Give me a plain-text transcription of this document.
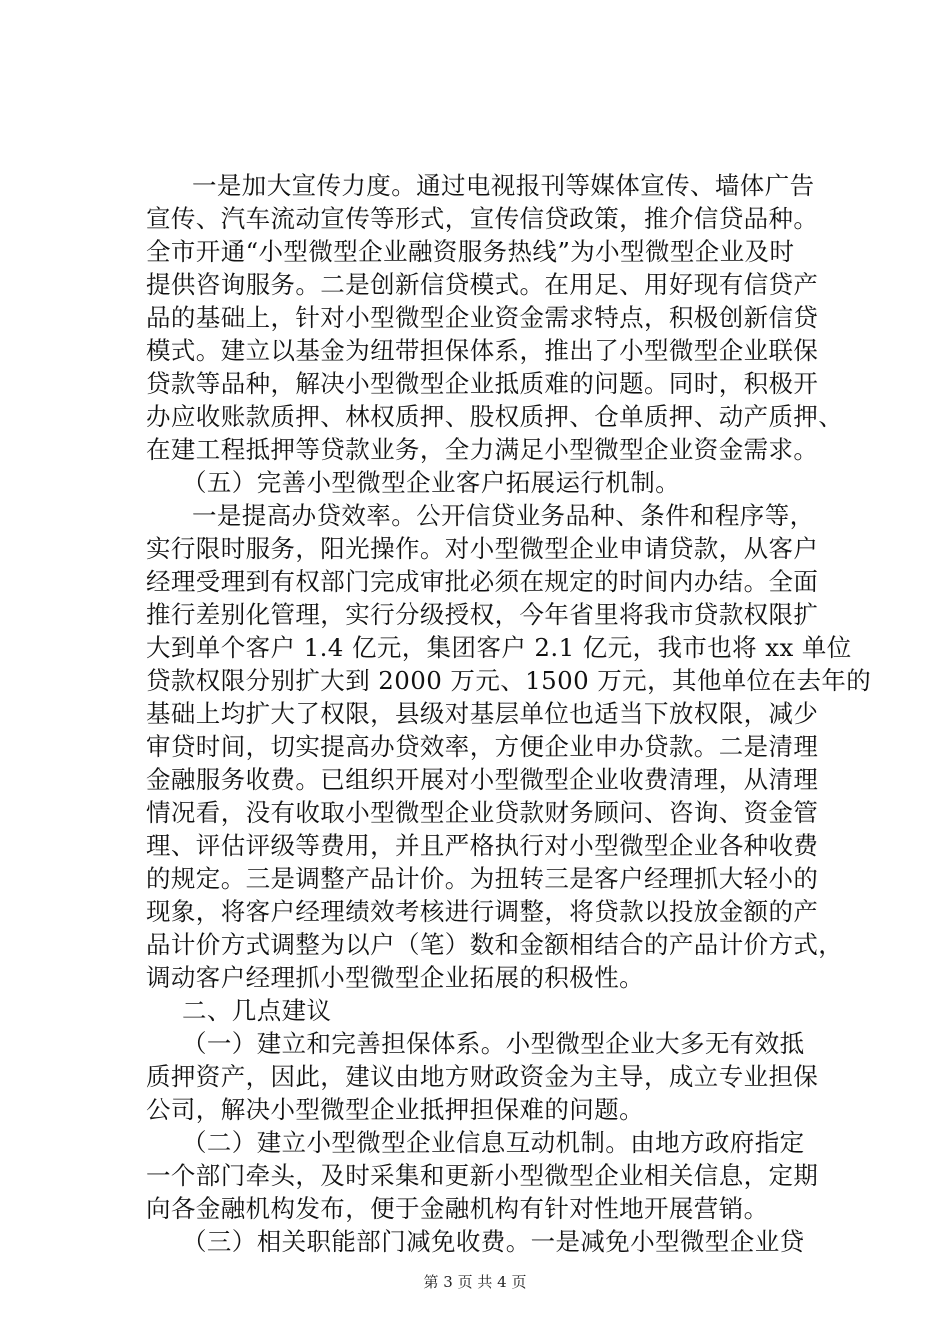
一是加大宣传力度。通过电视报刊等媒体宣传、墙体广告
宣传、汽车流动宣传等形式，宣传信贷政策，推介信贷品种。
全市开通“小型微型企业融资服务热线”为小型微型企业及时
提供咨询服务。二是创新信贷模式。在用足、用好现有信贷产
品的基础上，针对小型微型企业资金需求特点，积极创新信贷
模式。建立以基金为纽带担保体系，推出了小型微型企业联保
贷款等品种，解决小型微型企业抵质难的问题。同时，积极开
办应收账款质押、林权质押、股权质押、仓单质押、动产质押、
在建工程抵押等贷款业务，全力满足小型微型企业资金需求。
（五）完善小型微型企业客户拓展运行机制。
一是提高办贷效率。公开信贷业务品种、条件和程序等，
实行限时服务，阳光操作。对小型微型企业申请贷款，从客户
经理受理到有权部门完成审批必须在规定的时间内办结。全面
推行差别化管理，实行分级授权，今年省里将我市贷款权限扩
大到单个客户 1.4 亿元，集团客户 2.1 亿元，我市也将 xx 单位
贷款权限分别扩大到 2000 万元、1500 万元，其他单位在去年的
基础上均扩大了权限，县级对基层单位也适当下放权限，减少
审贷时间，切实提高办贷效率，方便企业申办贷款。二是清理
金融服务收费。已组织开展对小型微型企业收费清理，从清理
情况看，没有收取小型微型企业贷款财务顾问、咨询、资金管
理、评估评级等费用，并且严格执行对小型微型企业各种收费
的规定。三是调整产品计价。为扭转三是客户经理抓大轻小的
现象，将客户经理绩效考核进行调整，将贷款以投放金额的产
品计价方式调整为以户（笔）数和金额相结合的产品计价方式，
调动客户经理抓小型微型企业拓展的积极性。
二、几点建议
（一）建立和完善担保体系。小型微型企业大多无有效抵
质押资产，因此，建议由地方财政资金为主导，成立专业担保
公司，解决小型微型企业抵押担保难的问题。
（二）建立小型微型企业信息互动机制。由地方政府指定
一个部门牵头，及时采集和更新小型微型企业相关信息，定期
向各金融机构发布，便于金融机构有针对性地开展营销。
（三）相关职能部门减免收费。一是减免小型微型企业贷
第 3 页 共 4 页
